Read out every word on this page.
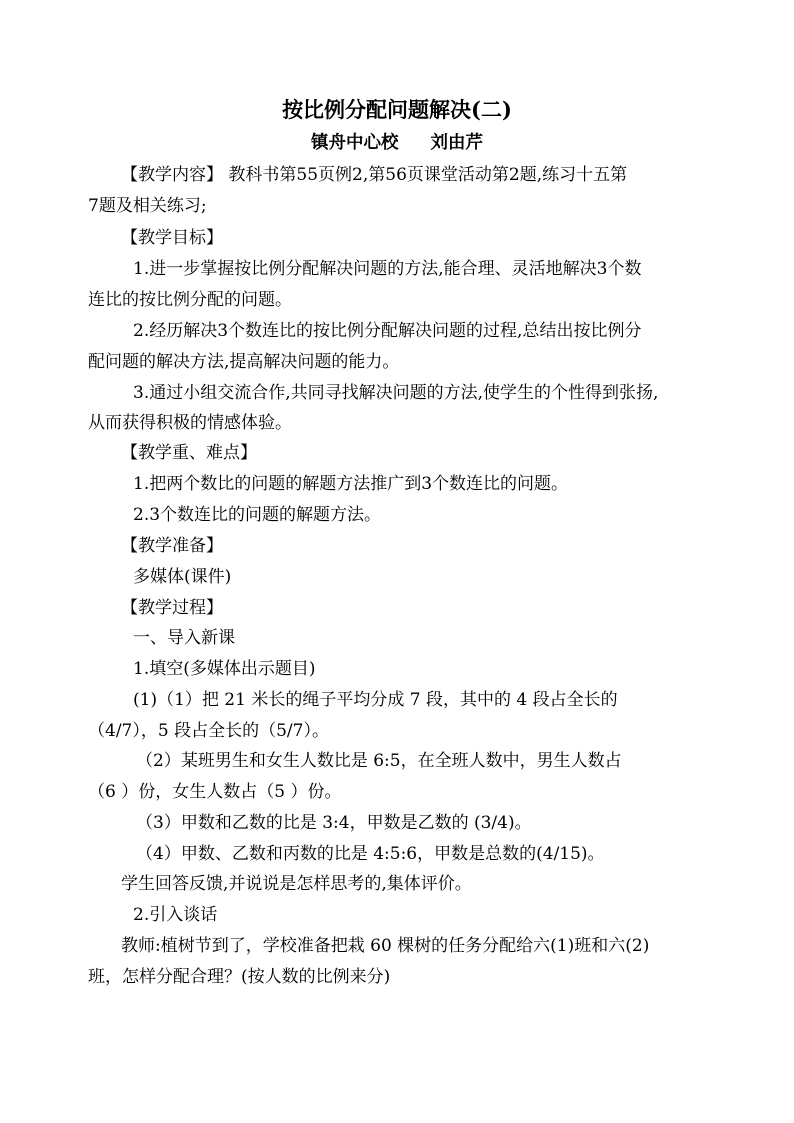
按比例分配问题解决(二)
镇舟中心校 刘由芹
【教学内容】 教科书第55页例2,第56页课堂活动第2题,练习十五第
7题及相关练习;
【教学目标】
1.进一步掌握按比例分配解决问题的方法,能合理、灵活地解决3个数
连比的按比例分配的问题。
2.经历解决3个数连比的按比例分配解决问题的过程,总结出按比例分
配问题的解决方法,提高解决问题的能力。
3.通过小组交流合作,共同寻找解决问题的方法,使学生的个性得到张扬,
从而获得积极的情感体验。
【教学重、难点】
1.把两个数比的问题的解题方法推广到3个数连比的问题。
2.3个数连比的问题的解题方法。
【教学准备】
多媒体(课件)
【教学过程】
一、导入新课
1.填空(多媒体出示题目)
(1)（1）把 21 米长的绳子平均分成 7 段，其中的 4 段占全长的
（4/7），5 段占全长的（5/7）。
（2）某班男生和女生人数比是 6:5，在全班人数中，男生人数占
（6 ）份，女生人数占（5 ）份。
（3）甲数和乙数的比是 3:4，甲数是乙数的 (3/4)。
（4）甲数、乙数和丙数的比是 4:5:6，甲数是总数的(4/15)。
学生回答反馈,并说说是怎样思考的,集体评价。
2.引入谈话
教师:植树节到了，学校准备把栽 60 棵树的任务分配给六(1)班和六(2)
班，怎样分配合理？(按人数的比例来分)
